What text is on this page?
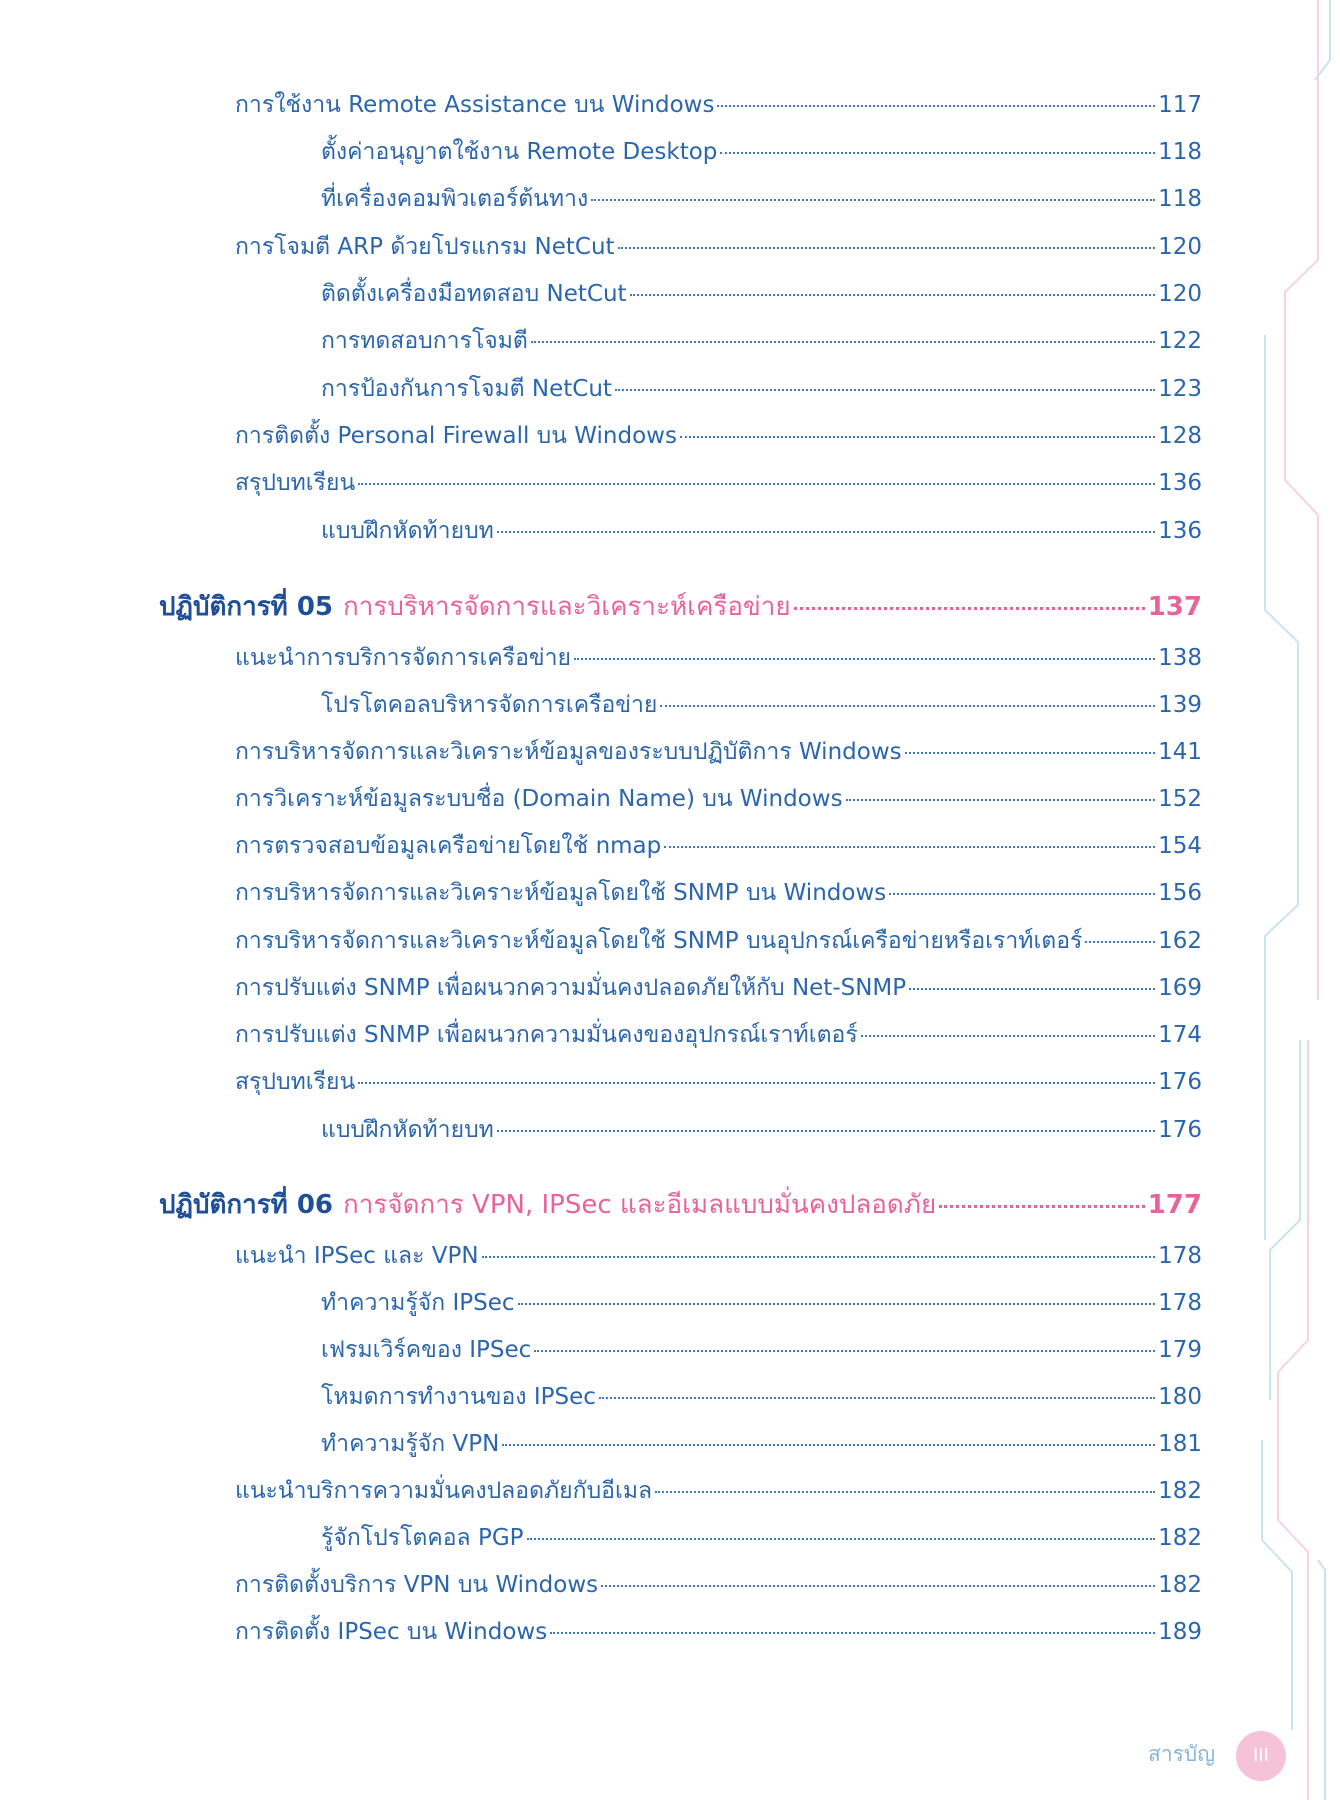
การใช้งาน Remote Assistance บน Windows	117
ตั้งค่าอนุญาตใช้งาน Remote Desktop	118
ที่เครื่องคอมพิวเตอร์ต้นทาง	118
การโจมตี ARP ด้วยโปรแกรม NetCut	120
ติดตั้งเครื่องมือทดสอบ NetCut	120
การทดสอบการโจมตี	122
การป้องกันการโจมตี NetCut	123
การติดตั้ง Personal Firewall บน Windows	128
สรุปบทเรียน	136
แบบฝึกหัดท้ายบท	136
ปฏิบัติการที่ 05 การบริหารจัดการและวิเคราะห์เครือข่าย	137
แนะนำการบริการจัดการเครือข่าย	138
โปรโตคอลบริหารจัดการเครือข่าย	139
การบริหารจัดการและวิเคราะห์ข้อมูลของระบบปฏิบัติการ Windows	141
การวิเคราะห์ข้อมูลระบบชื่อ (Domain Name) บน Windows	152
การตรวจสอบข้อมูลเครือข่ายโดยใช้ nmap	154
การบริหารจัดการและวิเคราะห์ข้อมูลโดยใช้ SNMP บน Windows	156
การบริหารจัดการและวิเคราะห์ข้อมูลโดยใช้ SNMP บนอุปกรณ์เครือข่ายหรือเราท์เตอร์	162
การปรับแต่ง SNMP เพื่อผนวกความมั่นคงปลอดภัยให้กับ Net-SNMP	169
การปรับแต่ง SNMP เพื่อผนวกความมั่นคงของอุปกรณ์เราท์เตอร์	174
สรุปบทเรียน	176
แบบฝึกหัดท้ายบท	176
ปฏิบัติการที่ 06 การจัดการ VPN, IPSec และอีเมลแบบมั่นคงปลอดภัย	177
แนะนำ IPSec และ VPN	178
ทำความรู้จัก IPSec	178
เฟรมเวิร์คของ IPSec	179
โหมดการทำงานของ IPSec	180
ทำความรู้จัก VPN	181
แนะนำบริการความมั่นคงปลอดภัยกับอีเมล	182
รู้จักโปรโตคอล PGP	182
การติดตั้งบริการ VPN บน Windows	182
การติดตั้ง IPSec บน Windows	189
สารบัญ	III
